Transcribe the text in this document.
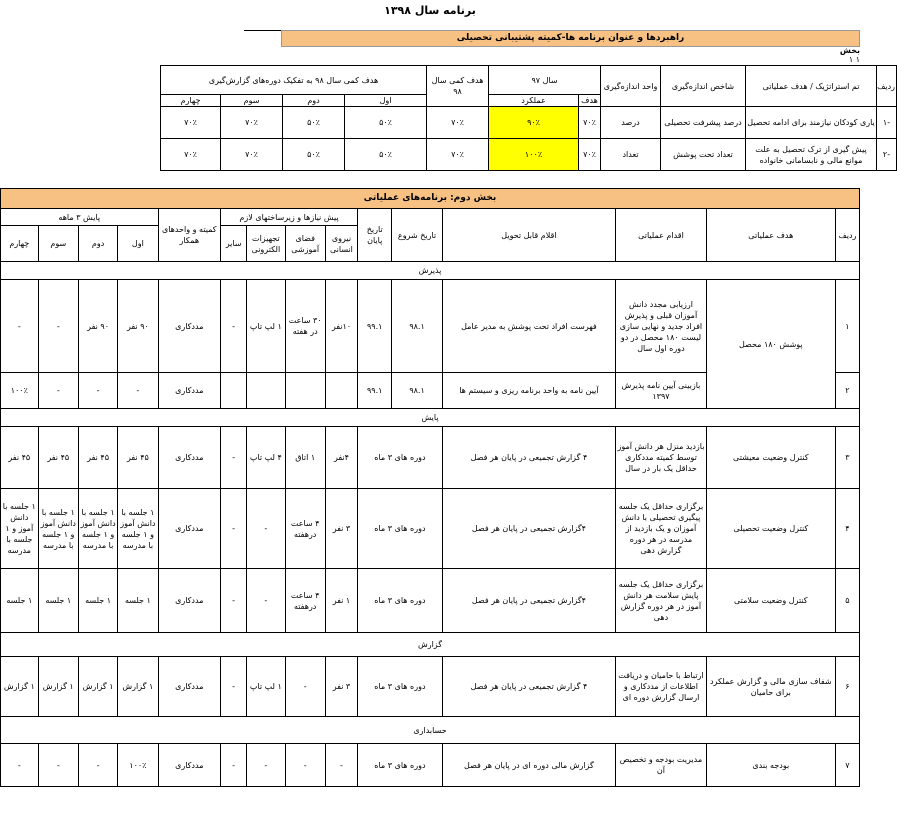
برنامه سال ۱۳۹۸
راهبردها و عنوان برنامه ها-کمیته پشتیبانی تحصیلی
بخش
۱ ۱
ردیف	تم استراتژیک / هدف عملیاتی	شاخص اندازه‌گیری	واحد اندازه‌گیری	سال ۹۷		هدف کمی سال ۹۸	هدف کمی سال ۹۸ به تفکیک دوره‌های گزارش‌گیری			
				هدف	عملکرد		اول	دوم	سوم	چهارم
-۱	یاری کودکان نیازمند برای ادامه تحصیل	درصد پیشرفت تحصیلی	درصد	۷۰٪	۹۰٪	۷۰٪	۵۰٪	۵۰٪	۷۰٪	۷۰٪
-۲	پیش گیری از ترک تحصیل به علت موانع مالی و نابسامانی خانواده	تعداد تحت پوشش	تعداد	۷۰٪	۱۰۰٪	۷۰٪	۵۰٪	۵۰٪	۷۰٪	۷۰٪
بخش دوم: برنامه‌های عملیاتی														
ردیف	هدف عملیاتی	اقدام عملیاتی	اقلام قابل تحویل	تاریخ شروع	تاریخ پایان	پیش نیازها و زیرساختهای لازم				کمیته و واحدهای همکار	پایش ۳ ماهه			
						نیروی انسانی	فضای آموزشی	تجهیزات الکترونی	سایر		اول	دوم	سوم	چهارم
پذیرش														
۱	پوشش ۱۸۰ محصل	ارزیابی مجدد دانش آموزان قبلی و پذیرش افراد جدید و نهایی سازی لیست ۱۸۰ محصل در دو دوره اول سال	فهرست افراد تحت پوشش به مدیر عامل	۹۸.۱	۹۹.۱	۱۰نفر	۳۰ ساعت در هفته	۱ لپ تاپ	-	مددکاری	۹۰ نفر	۹۰ نفر	-	-
۲		بازبینی آیین نامه پذیرش ۱۳۹۷	آیین نامه به واحد برنامه ریزی و سیستم ها	۹۸.۱	۹۹.۱					مددکاری	-	-	-	۱۰۰٪
پایش														
۳	کنترل وضعیت معیشتی	بازدید منزل هر دانش آموز توسط کمیته مددکاری حداقل یک بار در سال	۴ گزارش تجمیعی در پایان هر فصل	دوره های ۳ ماه		۴نفر	۱ اتاق	۴ لپ تاپ	-	مددکاری	۴۵ نفر	۴۵ نفر	۴۵ نفر	۴۵ نفر
۴	کنترل وضعیت تحصیلی	برگزاری حداقل یک جلسه پیگیری تحصیلی با دانش آموزان و یک بازدید از مدرسه در هر دوره گزارش دهی	۴گزارش تجمیعی در پایان هر فصل	دوره های ۳ ماه		۳ نفر	۴ ساعت درهفته	-	-	مددکاری	۱ جلسه با دانش آموز و ۱ جلسه با مدرسه	۱ جلسه با دانش آموز و ۱ جلسه با مدرسه	۱ جلسه با دانش آموز و ۱ جلسه با مدرسه	۱ جلسه با دانش آموز و ۱ جلسه با مدرسه
۵	کنترل وضعیت سلامتی	برگزاری حداقل یک جلسه پایش سلامت هر دانش آموز در هر دوره گزارش دهی	۴گزارش تجمیعی در پایان هر فصل	دوره های ۳ ماه		۱ نفر	۴ ساعت درهفته	-	-	مددکاری	۱ جلسه	۱ جلسه	۱ جلسه	۱ جلسه
گزارش														
۶	شفاف سازی مالی و گزارش عملکرد برای حامیان	ارتباط با حامیان و دریافت اطلاعات از مددکاری و ارسال گزارش دوره ای	۴ گزارش تجمیعی در پایان هر فصل	دوره های ۳ ماه		۳ نفر	-	۱ لپ تاپ	-	مددکاری	۱ گزارش	۱ گزارش	۱ گزارش	۱ گزارش
حسابداری														
۷	بودجه بندی	مدیریت بودجه و تخصیص آن	گزارش مالی دوره ای در پایان هر فصل	دوره های ۳ ماه		-	-	-	-	مددکاری	۱۰۰٪	-	-	-
